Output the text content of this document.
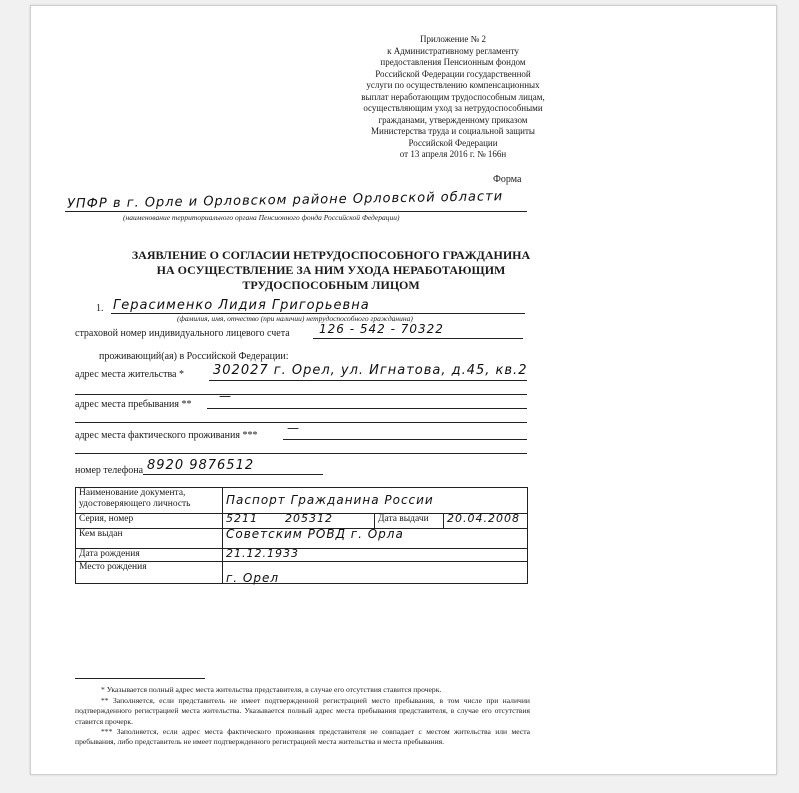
Приложение № 2
к Административному регламенту
предоставления Пенсионным фондом
Российской Федерации государственной
услуги по осуществлению компенсационных
выплат неработающим трудоспособным лицам,
осуществляющим уход за нетрудоспособными
гражданами, утвержденному приказом
Министерства труда и социальной защиты
Российской Федерации
от 13 апреля 2016 г. № 166н
Форма
УПФР в г. Орле и Орловском районе Орловской области
(наименование территориального органа Пенсионного фонда Российской Федерации)
ЗАЯВЛЕНИЕ О СОГЛАСИИ НЕТРУДОСПОСОБНОГО ГРАЖДАНИНА
НА ОСУЩЕСТВЛЕНИЕ ЗА НИМ УХОДА НЕРАБОТАЮЩИМ
ТРУДОСПОСОБНЫМ ЛИЦОМ
1. Герасименко Лидия Григорьевна
(фамилия, имя, отчество (при наличии) нетрудоспособного гражданина)
страховой номер индивидуального лицевого счета 126 - 542 - 70322
проживающий(ая) в Российской Федерации:
адрес места жительства * 302027 г. Орел, ул. Игнатова, д.45, кв.2
адрес места пребывания **
—
адрес места фактического проживания ***
—
номер телефона 8920 9876512
Наименование документа, удостоверяющего личность	Паспорт Гражданина России		
Серия, номер	5211 205312	Дата выдачи	20.04.2008
Кем выдан	Советским РОВД г. Орла		
Дата рождения	21.12.1933		
Место рождения	г. Орел		
* Указывается полный адрес места жительства представителя, в случае его отсутствия ставится прочерк.
** Заполняется, если представитель не имеет подтвержденной регистрацией место пребывания, в том числе при наличии подтвержденного регистрацией места жительства. Указывается полный адрес места пребывания представителя, в случае его отсутствия ставится прочерк.
*** Заполняется, если адрес места фактического проживания представителя не совпадает с местом жительства или места пребывания, либо представитель не имеет подтвержденного регистрацией места жительства и места пребывания.
